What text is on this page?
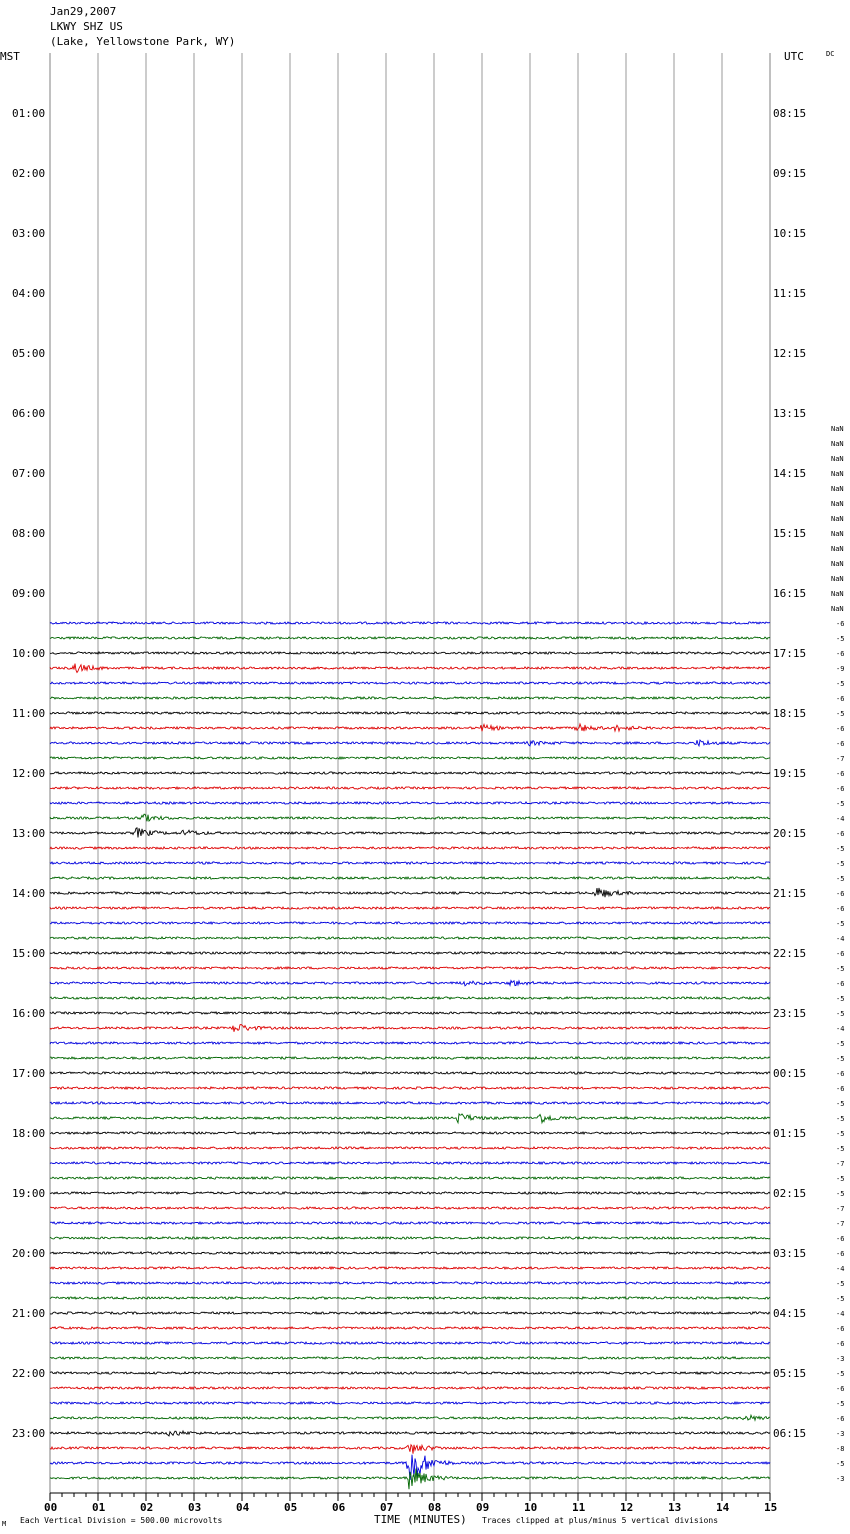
Jan29,2007
LKWY SHZ US
(Lake, Yellowstone Park, WY)
MST	UTC	DC
01:00
02:00
03:00
04:00
05:00
06:00
07:00
08:00
09:00
10:00
11:00
12:00
13:00
14:00
15:00
16:00
17:00
18:00
19:00
20:00
21:00
22:00
23:00
08:15
09:15
10:15
11:15
12:15
13:15
14:15
15:15
16:15
17:15
18:15
19:15
20:15
21:15
22:15
23:15
00:15
01:15
02:15
03:15
04:15
05:15
06:15
NaN
NaN
NaN
NaN
NaN
NaN
NaN
NaN
NaN
NaN
NaN
NaN
NaN
-6
-5
-6
-9
-5
-6
-5
-6
-6
-7
-6
-6
-5
-4
-6
-5
-5
-5
-6
-6
-5
-4
-6
-5
-6
-5
-5
-4
-5
-5
-6
-6
-5
-5
-5
-5
-7
-5
-5
-7
-7
-6
-6
-4
-5
-5
-4
-6
-6
-3
-5
-6
-5
-6
-3
-8
-5
-3
00	01	02	03	04	05	06	07	08	09	10	11	12	13	14	15
M Each Vertical Division = 500.00 microvolts	TIME (MINUTES) Traces clipped at plus/minus 5 vertical divisions
